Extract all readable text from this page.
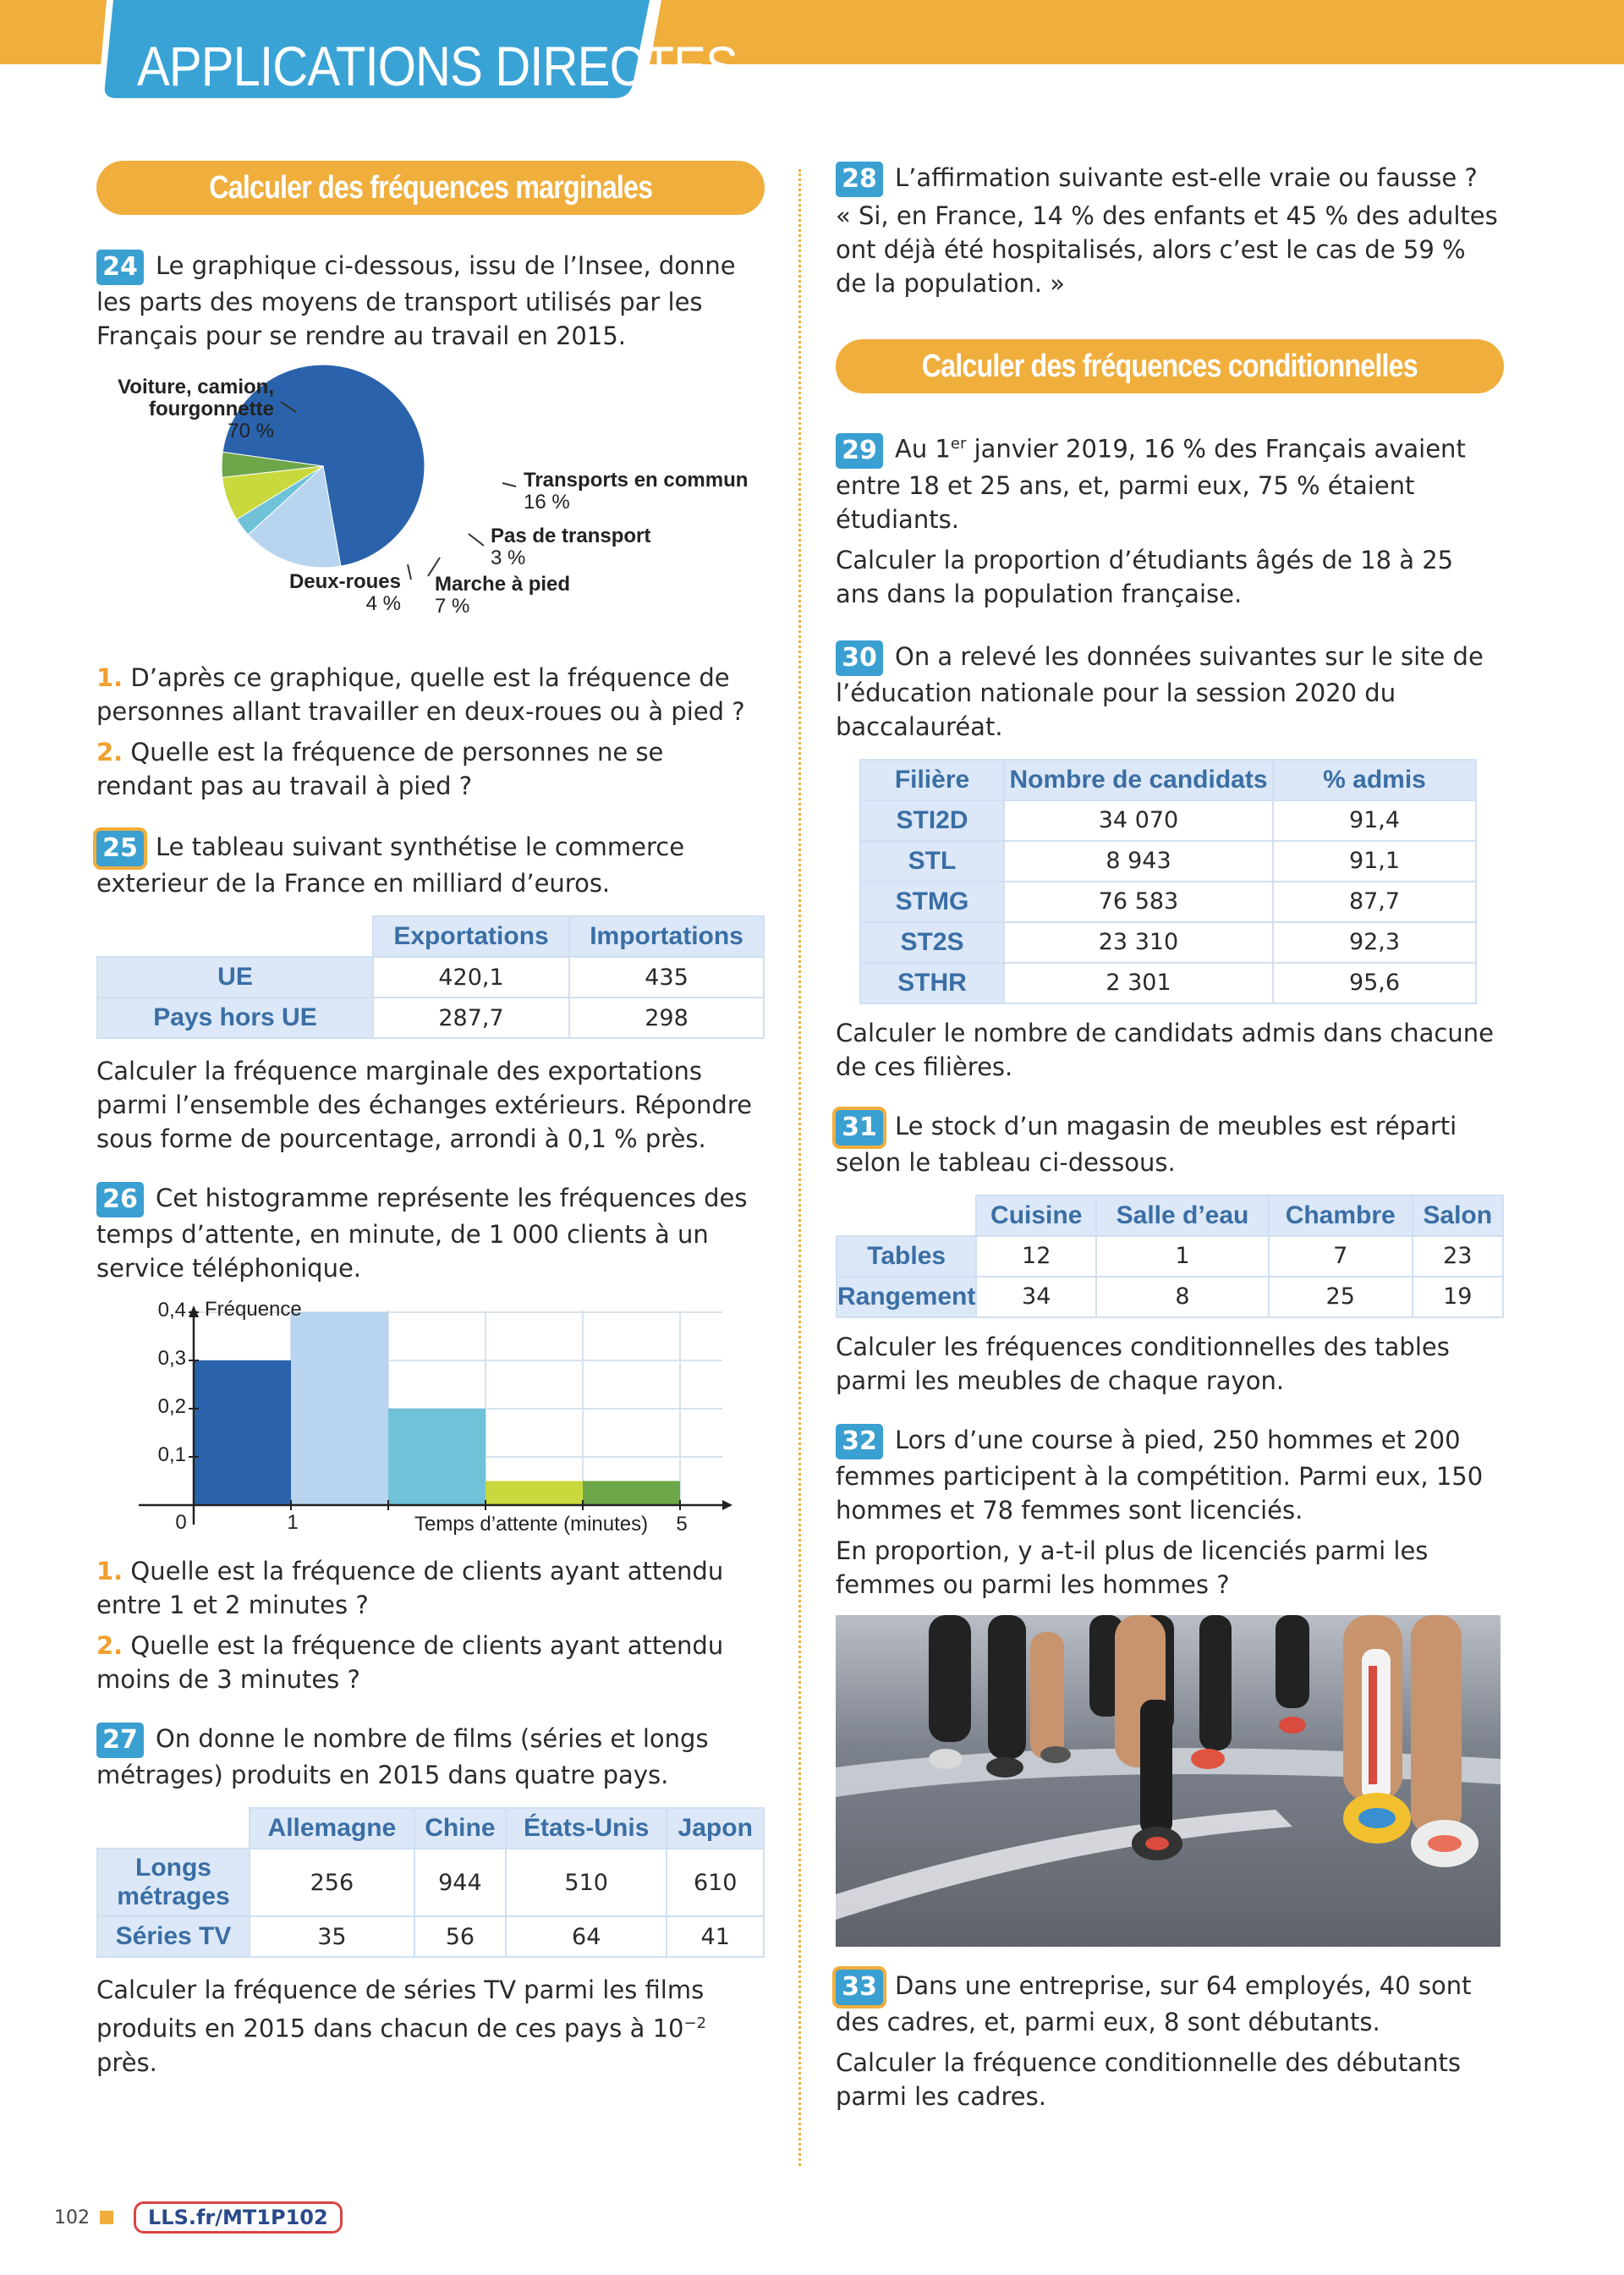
APPLICATIONS DIRECTES
Calculer des fréquences marginales

24 Le graphique ci-dessous, issu de l’Insee, donne les parts des moyens de transport utilisés par les Français pour se rendre au travail en 2015.

Voiture, camion,
fourgonnette
70 %
Transports en commun
16 %
Pas de transport
3 %
Marche à pied
7 %
Deux-roues
4 %

1. D’après ce graphique, quelle est la fréquence de personnes allant travailler en deux-roues ou à pied ?

2. Quelle est la fréquence de personnes ne se rendant pas au travail à pied ?

25 Le tableau suivant synthétise le commerce exterieur de la France en milliard d’euros.

	Exportations	Importations
UE	420,1	435
Pays hors UE	287,7	298

Calculer la fréquence marginale des exportations parmi l’ensemble des échanges extérieurs. Répondre sous forme de pourcentage, arrondi à 0,1 % près.

26 Cet histogramme représente les fréquences des temps d’attente, en minute, de 1 000 clients à un service téléphonique.

Fréquence
Temps d’attente (minutes)
0,1
0,2
0,3
0,4
0	1	5

1. Quelle est la fréquence de clients ayant attendu entre 1 et 2 minutes ?

2. Quelle est la fréquence de clients ayant attendu moins de 3 minutes ?

27 On donne le nombre de films (séries et longs métrages) produits en 2015 dans quatre pays.

	Allemagne	Chine	États-Unis	Japon
Longs métrages	256	944	510	610
Séries TV	35	56	64	41

Calculer la fréquence de séries TV parmi les films produits en 2015 dans chacun de ces pays à $10^{-2}$ près.

28 L’affirmation suivante est-elle vraie ou fausse ?

« Si, en France, 14 % des enfants et 45 % des adultes ont déjà été hospitalisés, alors c’est le cas de 59 % de la population. »

Calculer des fréquences conditionnelles

29 Au 1er janvier 2019, 16 % des Français avaient entre 18 et 25 ans, et, parmi eux, 75 % étaient étudiants.

Calculer la proportion d’étudiants âgés de 18 à 25 ans dans la population française.

30 On a relevé les données suivantes sur le site de l’éducation nationale pour la session 2020 du baccalauréat.

Filière	Nombre de candidats	% admis
STI2D	34 070	91,4
STL	8 943	91,1
STMG	76 583	87,7
ST2S	23 310	92,3
STHR	2 301	95,6

Calculer le nombre de candidats admis dans chacune de ces filières.

31 Le stock d’un magasin de meubles est réparti selon le tableau ci-dessous.

	Cuisine	Salle d’eau	Chambre	Salon
Tables	12	1	7	23
Rangement	34	8	25	19

Calculer les fréquences conditionnelles des tables parmi les meubles de chaque rayon.

32 Lors d’une course à pied, 250 hommes et 200 femmes participent à la compétition. Parmi eux, 150 hommes et 78 femmes sont licenciés.

En proportion, y a-t-il plus de licenciés parmi les femmes ou parmi les hommes ?

33 Dans une entreprise, sur 64 employés, 40 sont des cadres, et, parmi eux, 8 sont débutants.

Calculer la fréquence conditionnelle des débutants parmi les cadres.

102	LLS.fr/MT1P102
